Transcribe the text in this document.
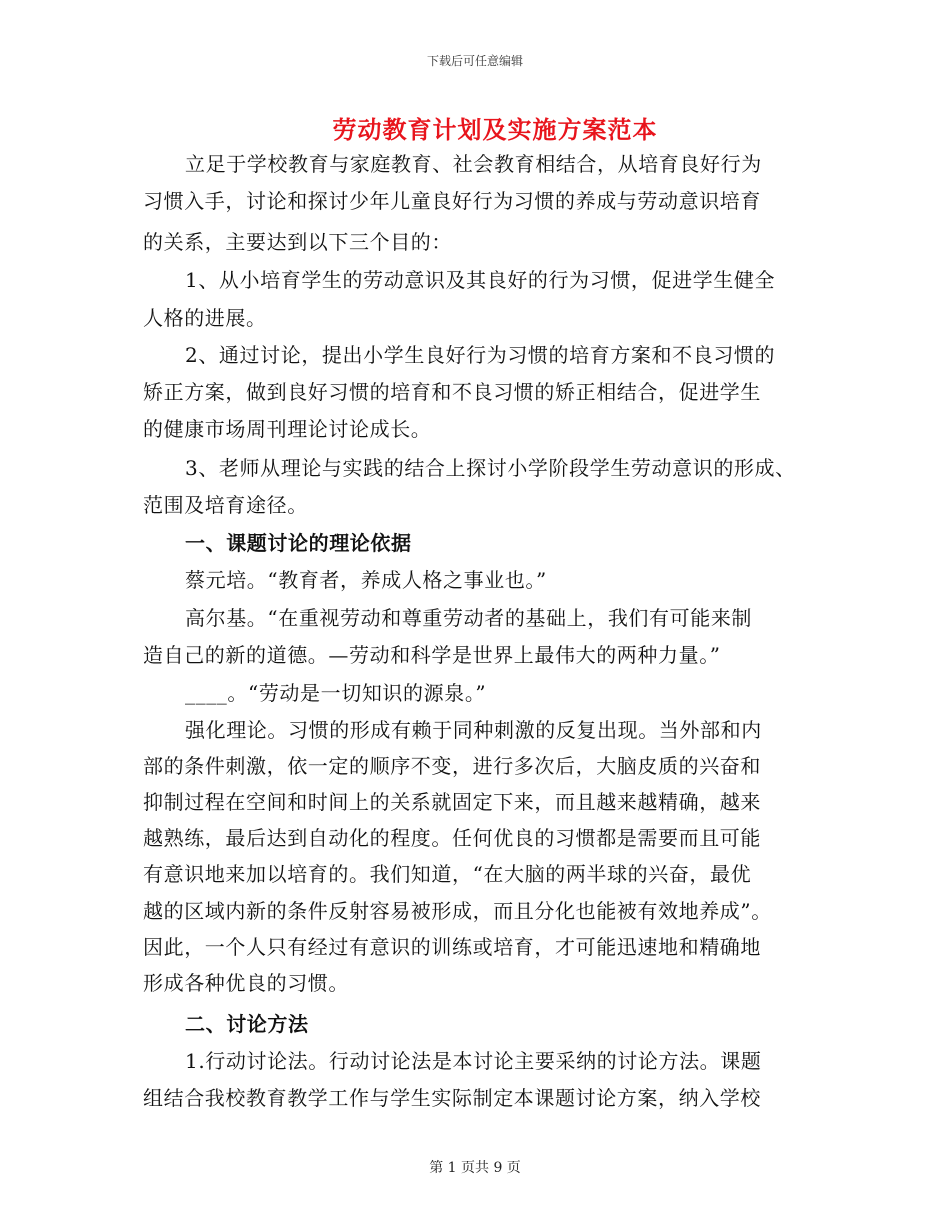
下载后可任意编辑
劳动教育计划及实施方案范本
立足于学校教育与家庭教育、社会教育相结合，从培育良好行为
习惯入手，讨论和探讨少年儿童良好行为习惯的养成与劳动意识培育
的关系，主要达到以下三个目的：
1、从小培育学生的劳动意识及其良好的行为习惯，促进学生健全
人格的进展。
2、通过讨论，提出小学生良好行为习惯的培育方案和不良习惯的
矫正方案，做到良好习惯的培育和不良习惯的矫正相结合，促进学生
的健康市场周刊理论讨论成长。
3、老师从理论与实践的结合上探讨小学阶段学生劳动意识的形成、
范围及培育途径。
一、课题讨论的理论依据
蔡元培。“教育者，养成人格之事业也。”
高尔基。“在重视劳动和尊重劳动者的基础上，我们有可能来制
造自己的新的道德。—劳动和科学是世界上最伟大的两种力量。”
____。“劳动是一切知识的源泉。”
强化理论。习惯的形成有赖于同种刺激的反复出现。当外部和内
部的条件刺激，依一定的顺序不变，进行多次后，大脑皮质的兴奋和
抑制过程在空间和时间上的关系就固定下来，而且越来越精确，越来
越熟练，最后达到自动化的程度。任何优良的习惯都是需要而且可能
有意识地来加以培育的。我们知道，“在大脑的两半球的兴奋，最优
越的区域内新的条件反射容易被形成，而且分化也能被有效地养成”。
因此，一个人只有经过有意识的训练或培育，才可能迅速地和精确地
形成各种优良的习惯。
二、讨论方法
1.行动讨论法。行动讨论法是本讨论主要采纳的讨论方法。课题
组结合我校教育教学工作与学生实际制定本课题讨论方案，纳入学校
第 1 页共 9 页
